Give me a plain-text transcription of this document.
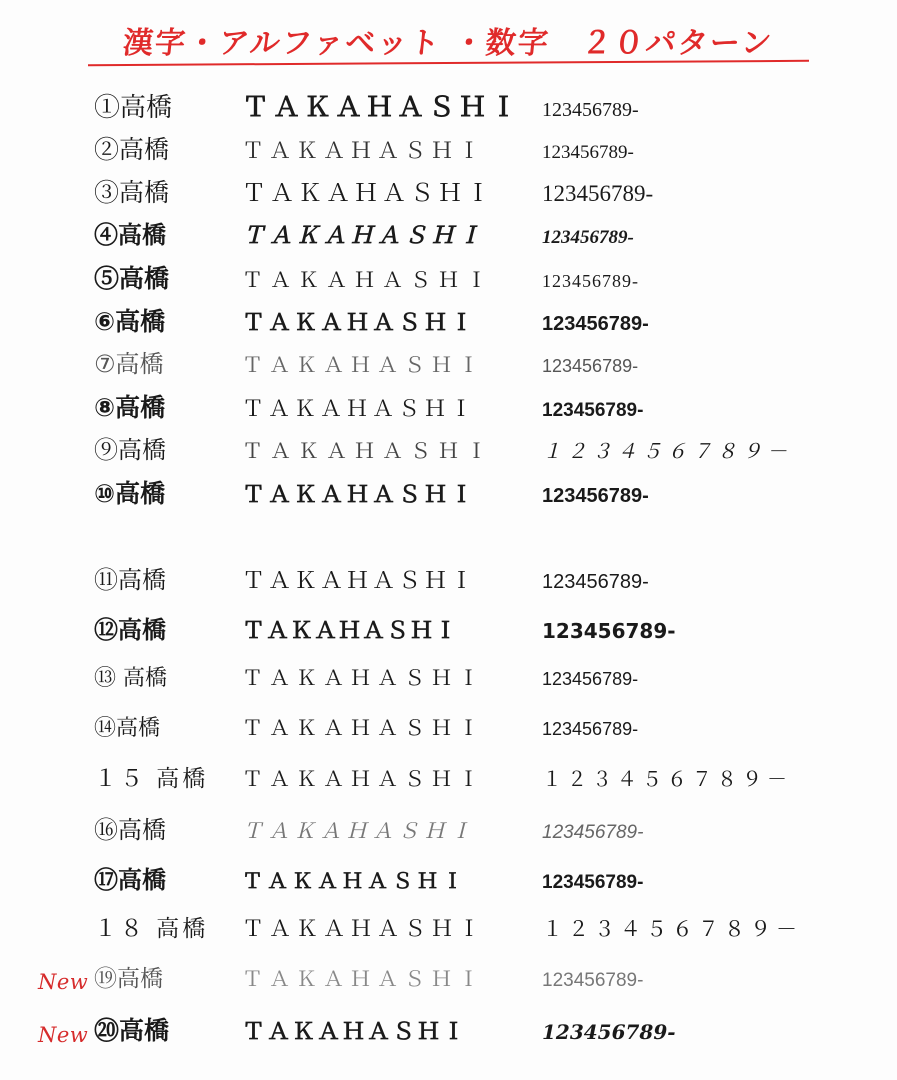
漢字・アルファベット ・数字　２０パターン
①高橋	ＴＡＫＡＨＡＳＨＩ	123456789-
②高橋	ＴＡＫＡＨＡＳＨＩ	123456789-
③高橋	ＴＡＫＡＨＡＳＨＩ	123456789-
④高橋	ＴＡＫＡＨＡＳＨＩ	123456789-
⑤高橋	ＴＡＫＡＨＡＳＨＩ	123456789-
⑥高橋	ＴＡＫＡＨＡＳＨＩ	123456789-
⑦高橋	ＴＡＫＡＨＡＳＨＩ	123456789-
⑧高橋	ＴＡＫＡＨＡＳＨＩ	123456789-
⑨高橋	ＴＡＫＡＨＡＳＨＩ	１２３４５６７８９－
⑩高橋	ＴＡＫＡＨＡＳＨＩ	123456789-
⑪高橋	ＴＡＫＡＨＡＳＨＩ	123456789-
⑫高橋	ＴＡＫＡＨＡＳＨＩ	123456789-
⑬ 高橋	ＴＡＫＡＨＡＳＨＩ	123456789-
⑭高橋	ＴＡＫＡＨＡＳＨＩ	123456789-
１５ 高橋	ＴＡＫＡＨＡＳＨＩ	１２３４５６７８９－
⑯高橋	ＴＡＫＡＨＡＳＨＩ	123456789-
⑰高橋	ＴＡＫＡＨＡＳＨＩ	123456789-
１８ 高橋	ＴＡＫＡＨＡＳＨＩ	１２３４５６７８９－
New ⑲高橋	ＴＡＫＡＨＡＳＨＩ	123456789-
New ⑳高橋	ＴＡＫＡＨＡＳＨＩ	123456789-
